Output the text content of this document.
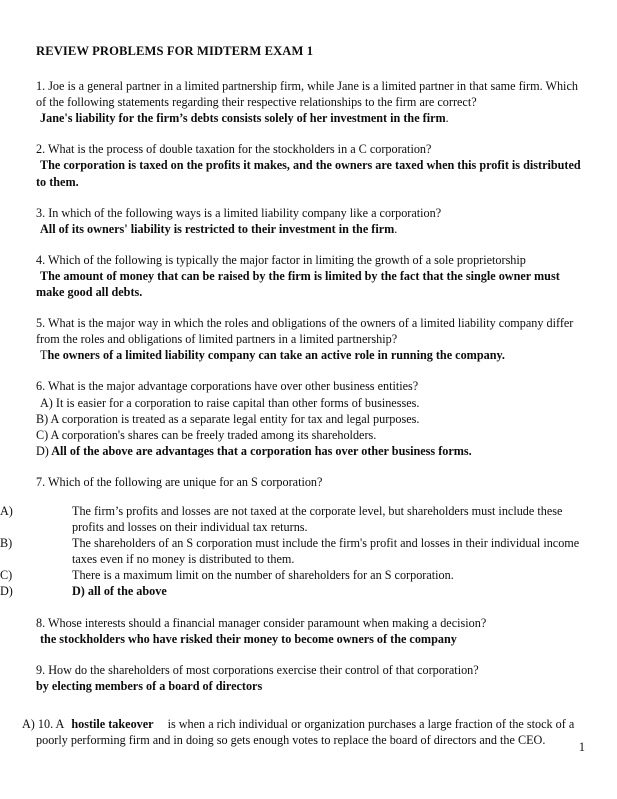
REVIEW PROBLEMS FOR MIDTERM EXAM 1

1. Joe is a general partner in a limited partnership firm, while Jane is a limited partner in that same firm. Which of the following statements regarding their respective relationships to the firm are correct?

Jane's liability for the firm’s debts consists solely of her investment in the firm.

2. What is the process of double taxation for the stockholders in a C corporation?

The corporation is taxed on the profits it makes, and the owners are taxed when this profit is distributed to them.

3. In which of the following ways is a limited liability company like a corporation?

All of its owners' liability is restricted to their investment in the firm.

4. Which of the following is typically the major factor in limiting the growth of a sole proprietorship

The amount of money that can be raised by the firm is limited by the fact that the single owner must make good all debts.

5. What is the major way in which the roles and obligations of the owners of a limited liability company differ from the roles and obligations of limited partners in a limited partnership?

The owners of a limited liability company can take an active role in running the company.

6. What is the major advantage corporations have over other business entities?

A) It is easier for a corporation to raise capital than other forms of businesses.

B) A corporation is treated as a separate legal entity for tax and legal purposes.

C) A corporation's shares can be freely traded among its shareholders.

D) All of the above are advantages that a corporation has over other business forms.

7. Which of the following are unique for an S corporation?

A)	The firm’s profits and losses are not taxed at the corporate level, but shareholders must include these profits and losses on their individual tax returns.

B)	The shareholders of an S corporation must include the firm's profit and losses in their individual income taxes even if no money is distributed to them.

C)	There is a maximum limit on the number of shareholders for an S corporation.

D)	D) all of the above

8. Whose interests should a financial manager consider paramount when making a decision?

the stockholders who have risked their money to become owners of the company

9. How do the shareholders of most corporations exercise their control of that corporation?

by electing members of a board of directors

A) 10. A hostile takeover is when a rich individual or organization purchases a large fraction of the stock of a poorly performing firm and in doing so gets enough votes to replace the board of directors and the CEO.	1
